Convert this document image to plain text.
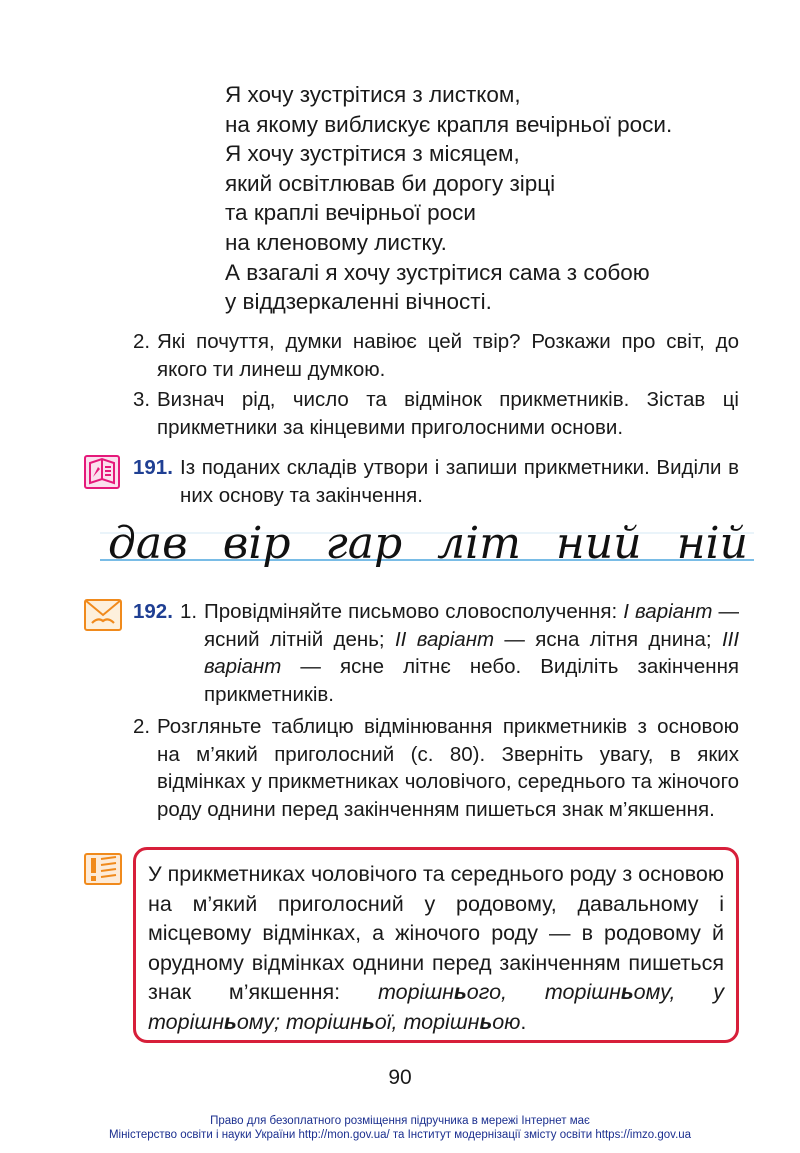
Я хочу зустрітися з листком,
на якому виблискує крапля вечірньої роси.
Я хочу зустрітися з місяцем,
який освітлював би дорогу зірці
та краплі вечірньої роси
на кленовому листку.
А взагалі я хочу зустрітися сама з собою
у віддзеркаленні вічності.
2. Які почуття, думки навіює цей твір? Розкажи про світ, до якого ти линеш думкою.
3. Визнач рід, число та відмінок прикметників. Зістав ці прикметники за кінцевими приголосними основи.
191. Із поданих складів утвори і запиши прикметники. Виділи в них основу та закінчення.
дав вір гар літ ний ній
192. 1. Провідміняйте письмово словосполучення: І варіант — ясний літній день; ІІ варіант — ясна літня днина; ІІІ варіант — ясне літнє небо. Виділіть закінчення прикметників.
2. Розгляньте таблицю відмінювання прикметників з основою на м’який приголосний (с. 80). Зверніть увагу, в яких відмінках у прикметниках чоловічого, середнього та жіночого роду однини перед закінченням пишеться знак м’якшення.
У прикметниках чоловічого та середнього роду з основою на м’який приголосний у родовому, давальному і місцевому відмінках, а жіночого роду — в родовому й орудному відмінках однини перед закінченням пишеться знак м’якшення: торішнього, торішньому, у торішньому; торішньої, торішньою.
90
Право для безоплатного розміщення підручника в мережі Інтернет має
Міністерство освіти і науки України http://mon.gov.ua/ та Інститут модернізації змісту освіти https://imzo.gov.ua
